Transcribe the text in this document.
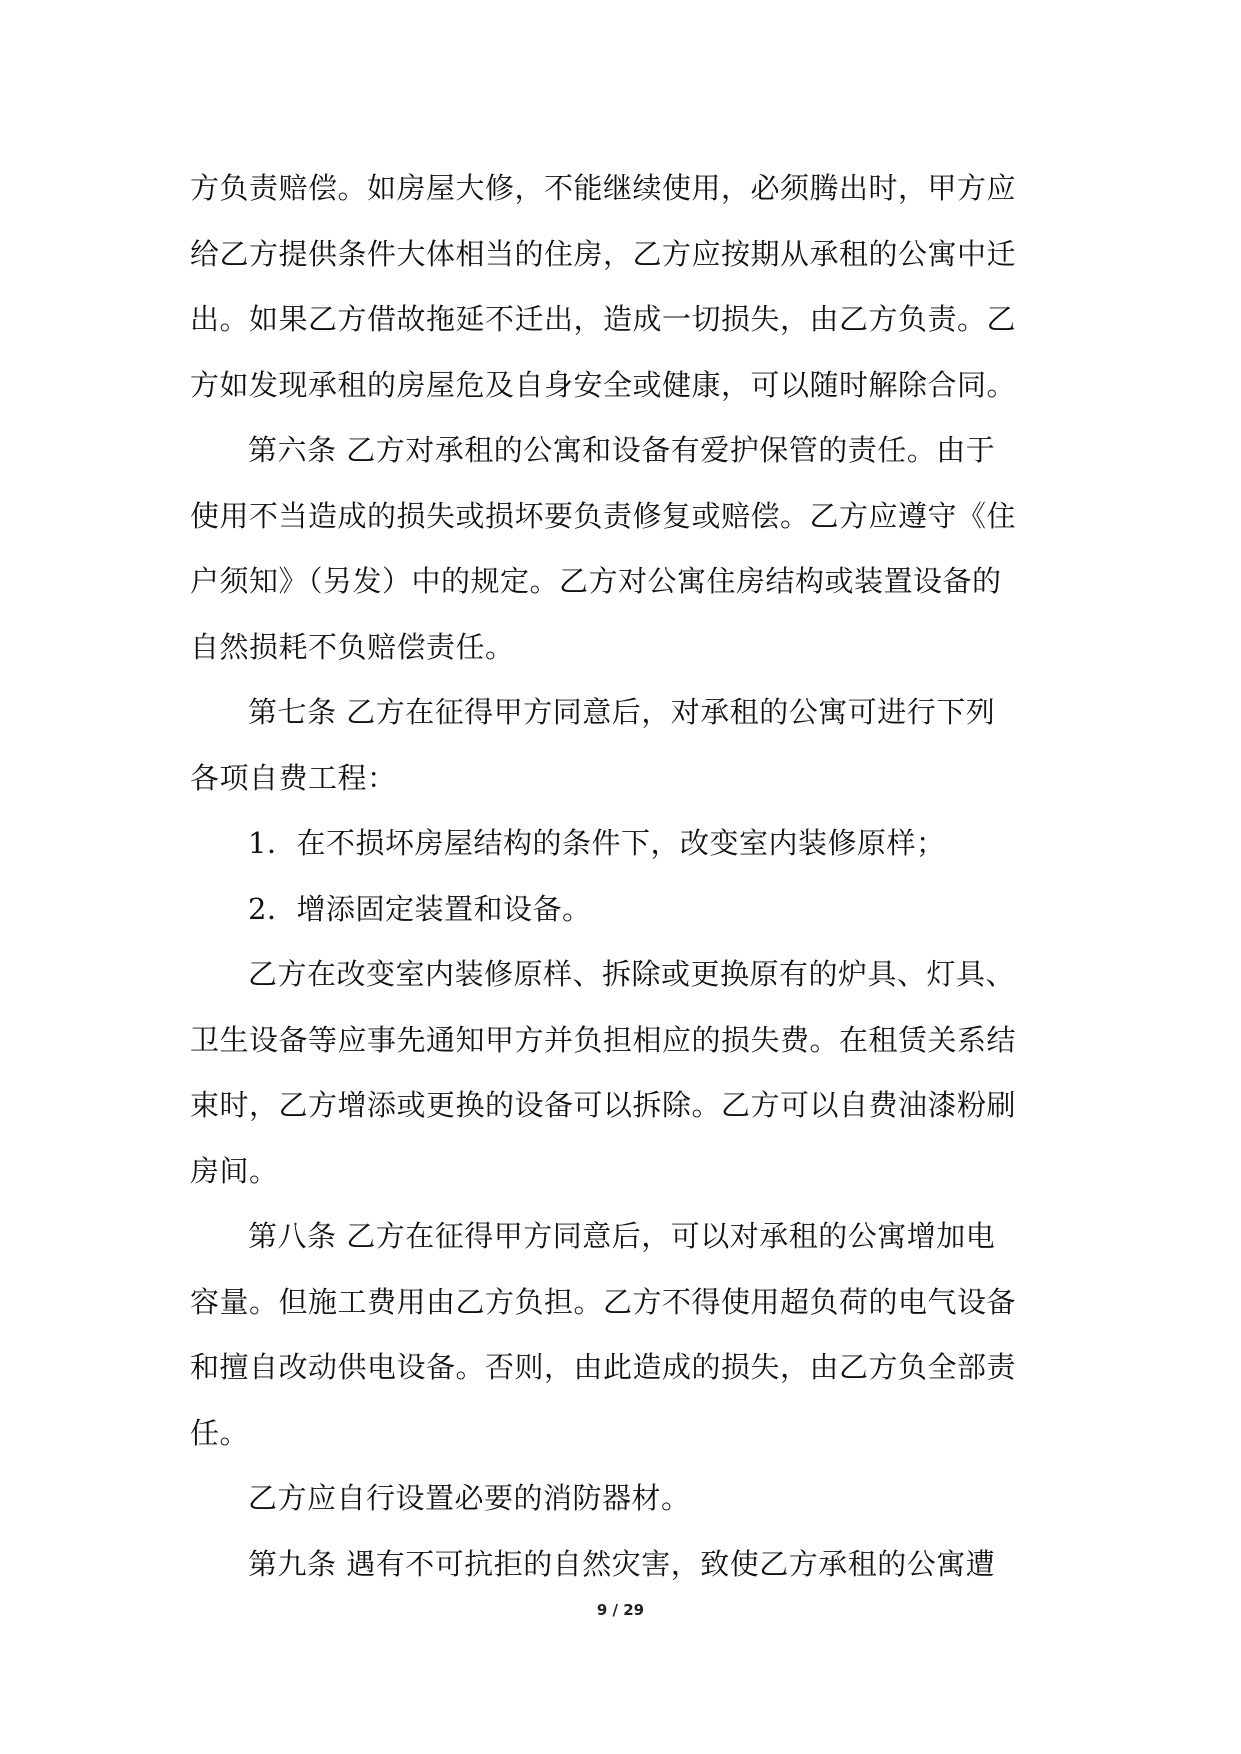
方负责赔偿。如房屋大修，不能继续使用，必须腾出时，甲方应
给乙方提供条件大体相当的住房，乙方应按期从承租的公寓中迁
出。如果乙方借故拖延不迁出，造成一切损失，由乙方负责。乙
方如发现承租的房屋危及自身安全或健康，可以随时解除合同。

第六条 乙方对承租的公寓和设备有爱护保管的责任。由于
使用不当造成的损失或损坏要负责修复或赔偿。乙方应遵守《住
户须知》（另发）中的规定。乙方对公寓住房结构或装置设备的
自然损耗不负赔偿责任。

第七条 乙方在征得甲方同意后，对承租的公寓可进行下列
各项自费工程：

1．在不损坏房屋结构的条件下，改变室内装修原样；

2．增添固定装置和设备。

乙方在改变室内装修原样、拆除或更换原有的炉具、灯具、
卫生设备等应事先通知甲方并负担相应的损失费。在租赁关系结
束时，乙方增添或更换的设备可以拆除。乙方可以自费油漆粉刷
房间。

第八条 乙方在征得甲方同意后，可以对承租的公寓增加电
容量。但施工费用由乙方负担。乙方不得使用超负荷的电气设备
和擅自改动供电设备。否则，由此造成的损失，由乙方负全部责
任。

乙方应自行设置必要的消防器材。

第九条 遇有不可抗拒的自然灾害，致使乙方承租的公寓遭

9 / 29
